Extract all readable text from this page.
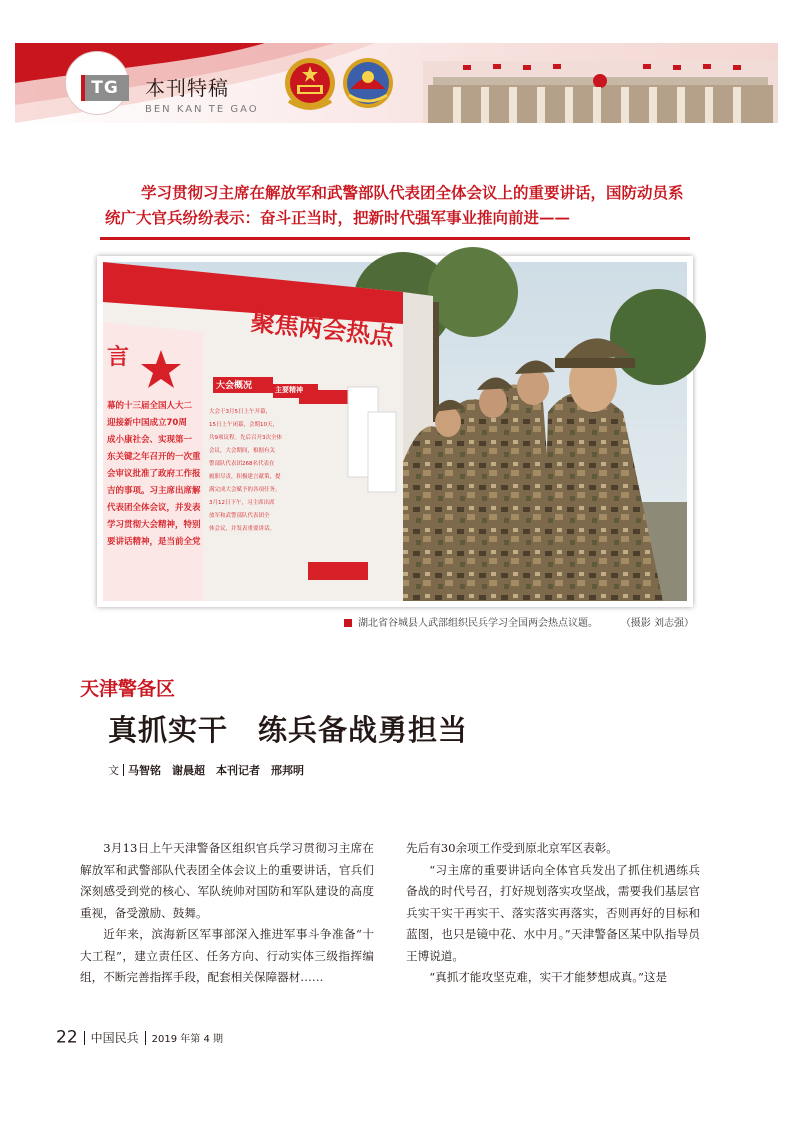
TG	本刊特稿
BEN KAN TE GAO
学习贯彻习主席在解放军和武警部队代表团全体会议上的重要讲话，国防动员系统广大官兵纷纷表示：奋斗正当时，把新时代强军事业推向前进——
聚焦两会热点
言
幕的十三届全国人大二
迎接新中国成立70周
成小康社会、实现第一
东关键之年召开的一次重
会审议批准了政府工作报
吉的事项。习主席出席解
代表团全体会议，并发表
学习贯彻大会精神，特别
要讲话精神，是当前全党
大会概况
大会于3月5日上午开幕，
15日上午闭幕，会期10天，
共9项议程。先后召开3次全体
会议，大会期间，根据有关
警部队代表团268名代表在
履职尽责，积极建言献策，提
满完成大会赋予的各项任务。
3月12日下午，习主席出席
放军和武警部队代表团全
体会议，并发表重要讲话。
主要精神
湖北省谷城县人武部组织民兵学习全国两会热点议题。 （摄影 刘志强）
天津警备区
真抓实干　练兵备战勇担当
文 马智铭　谢晨超　本刊记者　邢邦明

3月13日上午天津警备区组织官兵学习贯彻习主席在解放军和武警部队代表团全体会议上的重要讲话，官兵们深刻感受到党的核心、军队统帅对国防和军队建设的高度重视，备受激励、鼓舞。

近年来，滨海新区军事部深入推进军事斗争准备“十大工程”，建立责任区、任务方向、行动实体三级指挥编组，不断完善指挥手段，配套相关保障器材……

先后有30余项工作受到原北京军区表彰。

“习主席的重要讲话向全体官兵发出了抓住机遇练兵备战的时代号召，打好规划落实攻坚战，需要我们基层官兵实干实干再实干、落实落实再落实，否则再好的目标和蓝图，也只是镜中花、水中月。”天津警备区某中队指导员王博说道。

“真抓才能攻坚克难，实干才能梦想成真。”这是

22 中国民兵 2019 年第 4 期
